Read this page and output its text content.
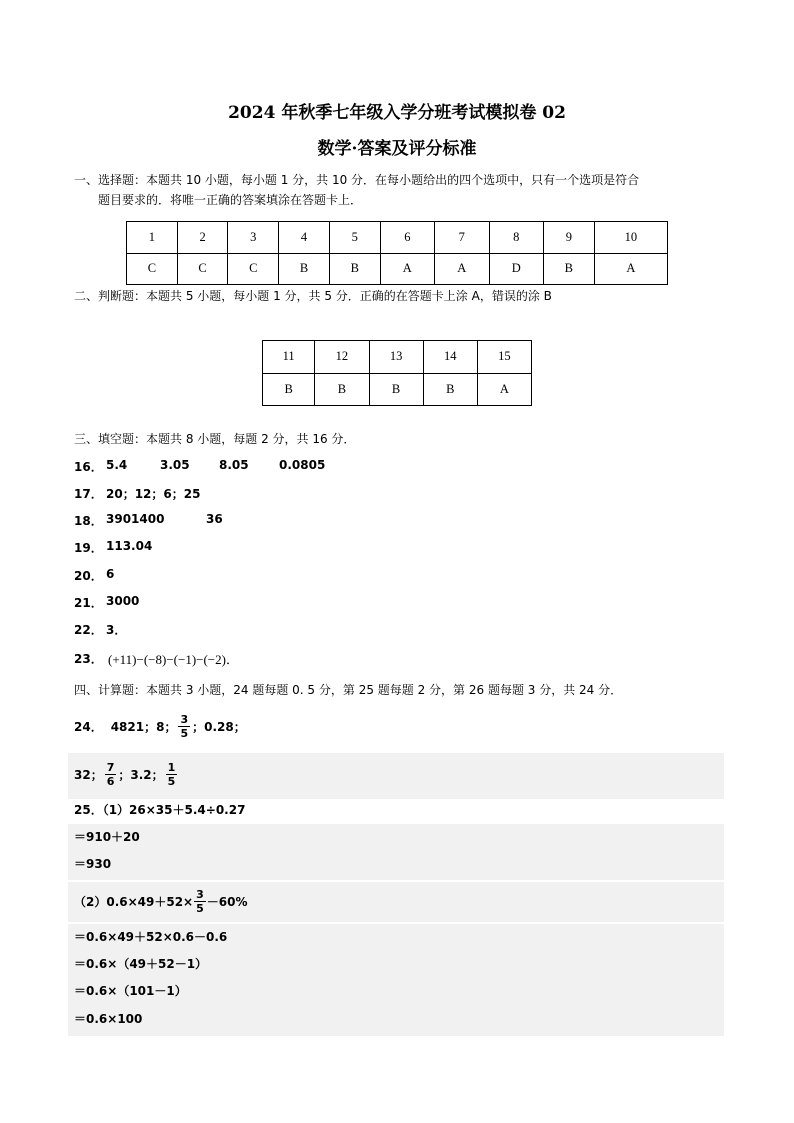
2024 年秋季七年级入学分班考试模拟卷 02
数学·答案及评分标准
一、选择题：本题共 10 小题，每小题 1 分，共 10 分．在每小题给出的四个选项中，只有一个选项是符合
题目要求的．将唯一正确的答案填涂在答题卡上．
1	2	3	4	5	6	7	8	9	10
C	C	C	B	B	A	A	D	B	A
二、判断题：本题共 5 小题，每小题 1 分，共 5 分．正确的在答题卡上涂 A，错误的涂 B
11	12	13	14	15
B	B	B	B	A
三、填空题：本题共 8 小题，每题 2 分，共 16 分．
16． 5.4	3.05 8.05	0.0805
17． 20；12；6；25
18． 3901400	36
19． 113.04
20． 6
21． 3000
22． 3．
23． (+11)−(−8)−(−1)−(−2)．
四、计算题：本题共 3 小题，24 题每题 0. 5 分，第 25 题每题 2 分，第 26 题每题 3 分，共 24 分．
24． 4821；8； $\frac{3}{5}$ ；0.28；
32； $\frac{7}{6}$ ；3.2； $\frac{1}{5}$
25．（1）26×35＋5.4÷0.27
＝910＋20
＝930
$(2)0.6\times 49+52\times \frac{3}{5} -60\%$
＝0.6×49＋52×0.6－0.6
＝0.6×（49＋52－1）
＝0.6×（101－1）
＝0.6×100
